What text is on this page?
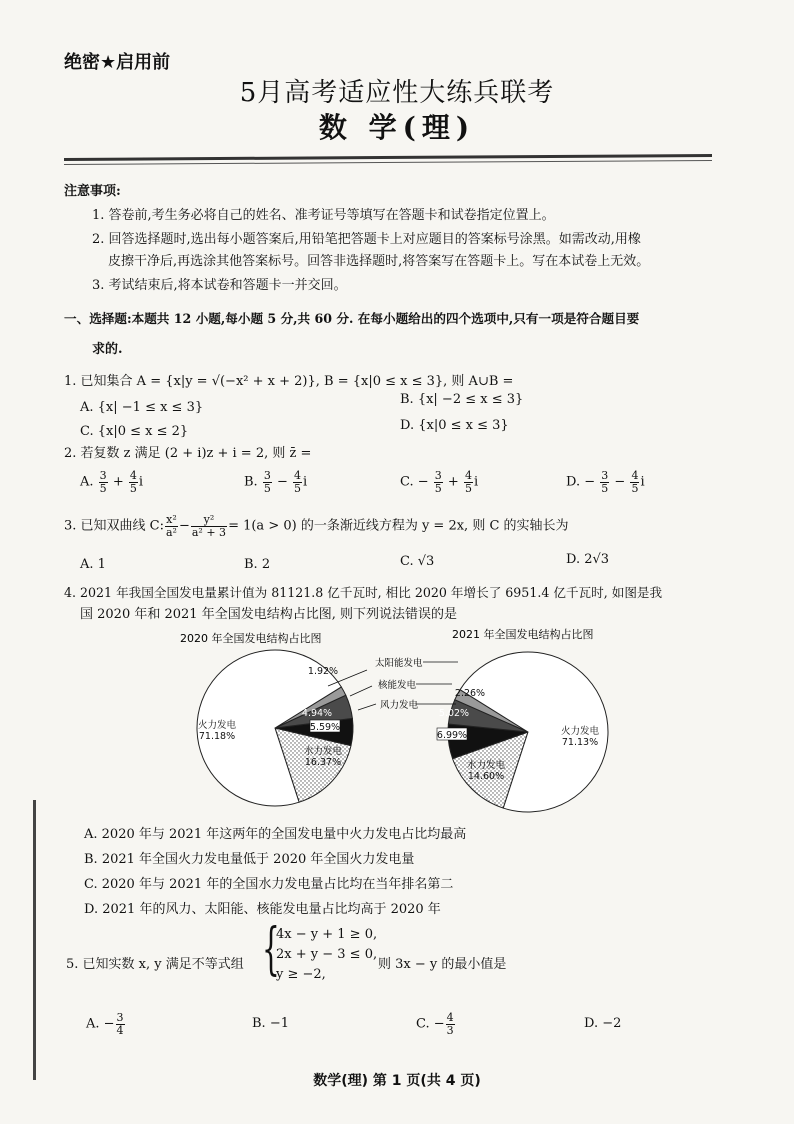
绝密★启用前
5月高考适应性大练兵联考
数 学(理)
注意事项:
1. 答卷前,考生务必将自己的姓名、准考证号等填写在答题卡和试卷指定位置上。
2. 回答选择题时,选出每小题答案后,用铅笔把答题卡上对应题目的答案标号涂黑。如需改动,用橡
皮擦干净后,再选涂其他答案标号。回答非选择题时,将答案写在答题卡上。写在本试卷上无效。
3. 考试结束后,将本试卷和答题卡一并交回。
一、选择题:本题共 12 小题,每小题 5 分,共 60 分. 在每小题给出的四个选项中,只有一项是符合题目要
求的.
1. 已知集合 A = {x|y = √(−x² + x + 2)}, B = {x|0 ≤ x ≤ 3}, 则 A∪B =
A. {x| −1 ≤ x ≤ 3}
B. {x| −2 ≤ x ≤ 3}
C. {x|0 ≤ x ≤ 2}	D. {x|0 ≤ x ≤ 3}
2. 若复数 z 满足 (2 + i)z + i = 2, 则 z̄ =
A. $\frac{3}{5} + \frac{4}{5}$ i	B. $\frac{3}{5} - \frac{4}{5}$ i	C. − $\frac{3}{5} + \frac{4}{5}$ i	D. − $\frac{3}{5} - \frac{4}{5}$ i
3. 已知双曲线 C: $\frac{\text{x²}}{\text{a²}} - \frac{\text{y²}}{\text{a² + 3}} = 1(a > 0)$ 的一条渐近线方程为 y = 2x, 则 C 的实轴长为
A. 1	B. 2	C. √3	D. 2√3
4. 2021 年我国全国发电量累计值为 81121.8 亿千瓦时, 相比 2020 年增长了 6951.4 亿千瓦时, 如图是我
国 2020 年和 2021 年全国发电结构占比图, 则下列说法错误的是
2020 年全国发电结构占比图
火力发电 71.18%
水力发电 16.37%
5.59%
4.94%
1.92%
2021 年全国发电结构占比图
火力发电 71.13%
水力发电 14.60%
6.99%
5.02%
2.26%
太阳能发电
核能发电
风力发电
A. 2020 年与 2021 年这两年的全国发电量中火力发电占比均最高
B. 2021 年全国火力发电量低于 2020 年全国火力发电量
C. 2020 年与 2021 年的全国水力发电量占比均在当年排名第二
D. 2021 年的风力、太阳能、核能发电量占比均高于 2020 年
5. 已知实数 x, y 满足不等式组 {
4x − y + 1 ≥ 0,
2x + y − 3 ≤ 0,
y ≥ −2,
则 3x − y 的最小值是
A. − $\frac{3}{4}$	B. −1	C. − $\frac{4}{3}$	D. −2
数学(理) 第 1 页(共 4 页)
